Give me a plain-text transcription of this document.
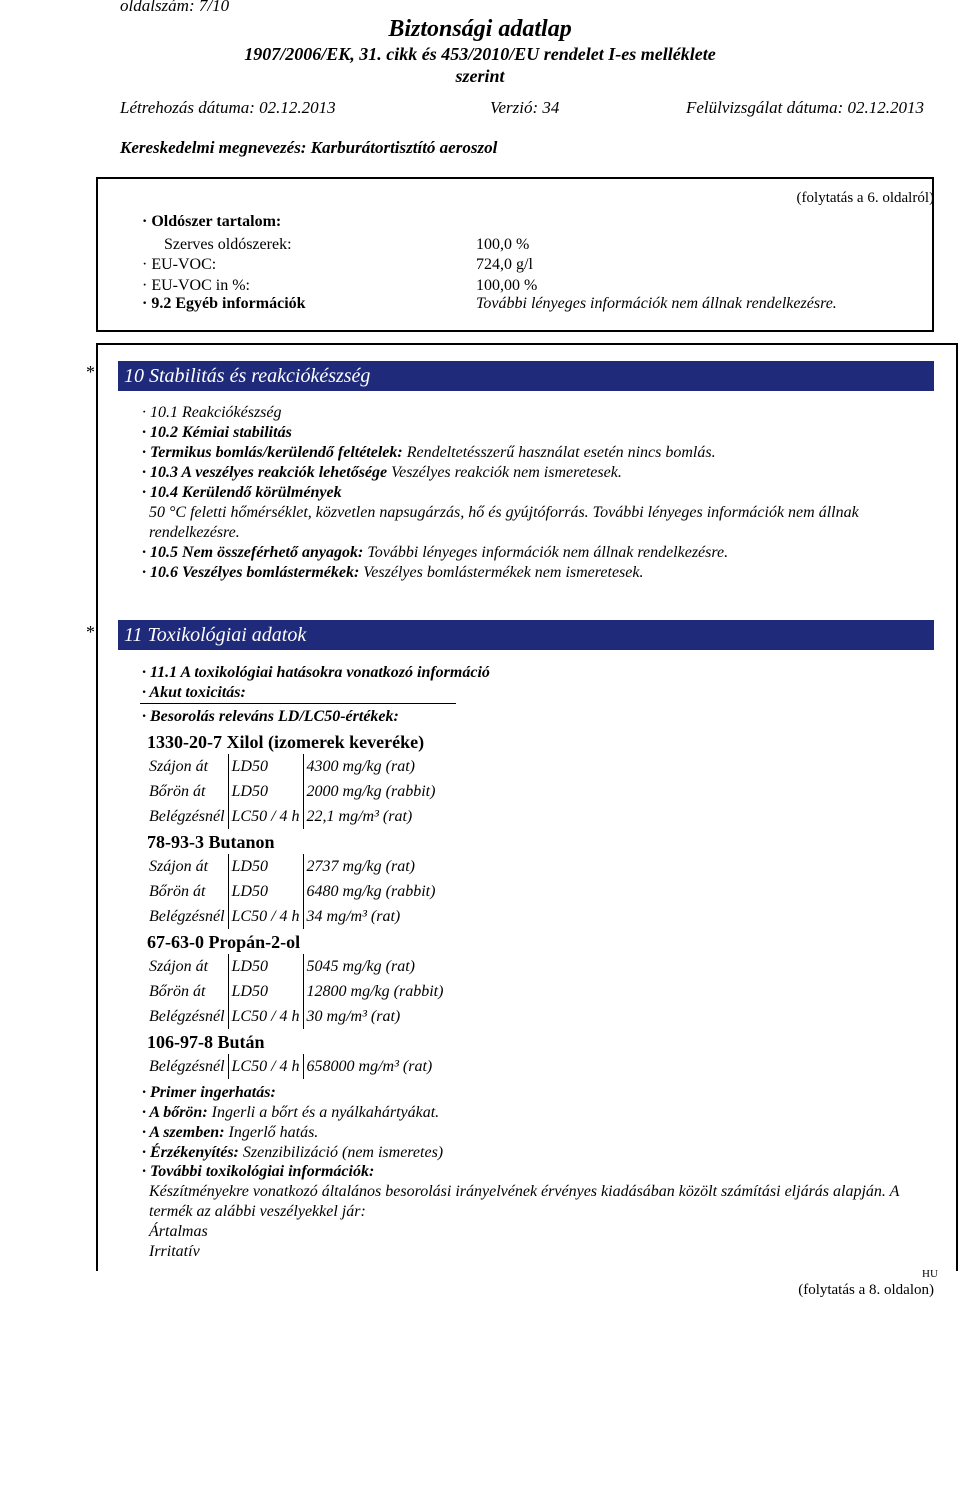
oldalszám: 7/10
Biztonsági adatlap
1907/2006/EK, 31. cikk és 453/2010/EU rendelet I-es melléklete
szerint
Létrehozás dátuma: 02.12.2013	Verzió: 34	Felülvizsgálat dátuma: 02.12.2013
Kereskedelmi megnevezés: Karburátortisztító aeroszol
(folytatás a 6. oldalról)
· Oldószer tartalom:
Szerves oldószerek:	100,0 %
· EU-VOC:	724,0 g/l
· EU-VOC in %:	100,00 %
· 9.2 Egyéb információk	További lényeges információk nem állnak rendelkezésre.
*	10 Stabilitás és reakciókészség
· 10.1 Reakciókészség
· 10.2 Kémiai stabilitás
· Termikus bomlás/kerülendő feltételek: Rendeltetésszerű használat esetén nincs bomlás.
· 10.3 A veszélyes reakciók lehetősége Veszélyes reakciók nem ismeretesek.
· 10.4 Kerülendő körülmények
50 °C feletti hőmérséklet, közvetlen napsugárzás, hő és gyújtóforrás. További lényeges információk nem állnak rendelkezésre.
· 10.5 Nem összeférhető anyagok: További lényeges információk nem állnak rendelkezésre.
· 10.6 Veszélyes bomlástermékek: Veszélyes bomlástermékek nem ismeretesek.
*	11 Toxikológiai adatok
· 11.1 A toxikológiai hatásokra vonatkozó információ
· Akut toxicitás:
· Besorolás releváns LD/LC50-értékek:
1330-20-7 Xilol (izomerek keveréke)		
Szájon át	LD50	4300 mg/kg (rat)
Bőrön át	LD50	2000 mg/kg (rabbit)
Belégzésnél	LC50 / 4 h	22,1 mg/m³ (rat)
78-93-3 Butanon		
Szájon át	LD50	2737 mg/kg (rat)
Bőrön át	LD50	6480 mg/kg (rabbit)
Belégzésnél	LC50 / 4 h	34 mg/m³ (rat)
67-63-0 Propán-2-ol		
Szájon át	LD50	5045 mg/kg (rat)
Bőrön át	LD50	12800 mg/kg (rabbit)
Belégzésnél	LC50 / 4 h	30 mg/m³ (rat)
106-97-8 Bután		
Belégzésnél	LC50 / 4 h	658000 mg/m³ (rat)
· Primer ingerhatás:
· A bőrön: Ingerli a bőrt és a nyálkahártyákat.
· A szemben: Ingerlő hatás.
· Érzékenyítés: Szenzibilizáció (nem ismeretes)
· További toxikológiai információk:
Készítményekre vonatkozó általános besorolási irányelvének érvényes kiadásában közölt számítási eljárás alapján. A termék az alábbi veszélyekkel jár:
Ártalmas
Irritatív
HU
(folytatás a 8. oldalon)
